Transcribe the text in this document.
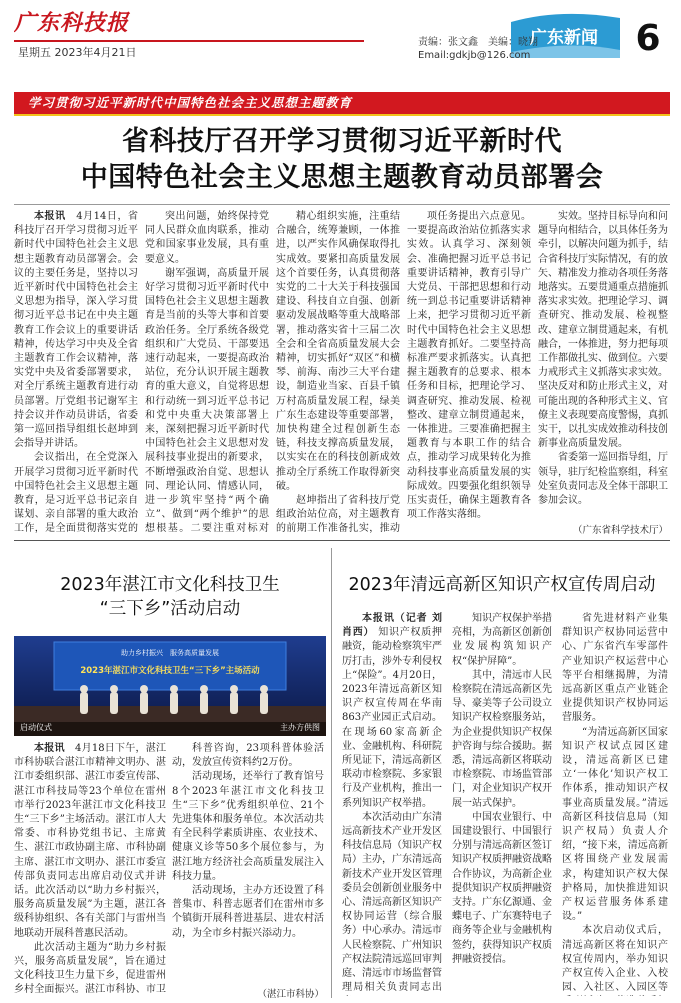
广东科技报
星期五 2023年4月21日
责编：张文鑫　美编：晓翔
Email:gdkjb@126.com
广东新闻	6
学习贯彻习近平新时代中国特色社会主义思想主题教育
省科技厅召开学习贯彻习近平新时代
中国特色社会主义思想主题教育动员部署会

本报讯　 4月14日，省科技厅召开学习贯彻习近平新时代中国特色社会主义思想主题教育动员部署会。会议的主要任务是，坚持以习近平新时代中国特色社会主义思想为指导，深入学习贯彻习近平总书记在中央主题教育工作会议上的重要讲话精神，传达学习中央及全省主题教育工作会议精神，落实党中央及省委部署要求，对全厅系统主题教育进行动员部署。厅党组书记谢军主持会议并作动员讲话，省委第一巡回指导组组长赵坤到会指导并讲话。

会议指出，在全党深入开展学习贯彻习近平新时代中国特色社会主义思想主题教育，是习近平总书记亲自谋划、亲自部署的重大政治工作，是全面贯彻落实党的

突出问题，始终保持党同人民群众血肉联系，推动党和国家事业发展，具有重要意义。

谢军强调，高质量开展好学习贯彻习近平新时代中国特色社会主义思想主题教育是当前的头等大事和首要政治任务。全厅系统各级党组织和广大党员、干部要迅速行动起来，一要提高政治站位，充分认识开展主题教育的重大意义，自觉将思想和行动统一到习近平总书记和党中央重大决策部署上来，深刻把握习近平新时代中国特色社会主义思想对发展科技事业提出的新要求，不断增强政治自觉、思想认同、理论认同、情感认同，进一步筑牢坚持“两个确立”、做到“两个维护”的思想根基。二要注重对标对

精心组织实施，注重结合融合，统筹兼顾，一体推进，以严实作风确保取得扎实成效。要紧扣高质量发展这个首要任务，认真贯彻落实党的二十大关于科技强国建设、科技自立自强、创新驱动发展战略等重大战略部署，推动落实省十三届二次全会和全省高质量发展大会精神，切实抓好“双区”和横琴、前海、南沙三大平台建设，制造业当家、百县千镇万村高质量发展工程，绿美广东生态建设等重要部署，加快构建全过程创新生态链，科技支撑高质量发展，以实实在在的科技创新成效推动全厅系统工作取得新突破。

赵坤指出了省科技厅党组政治站位高，对主题教育的前期工作准备扎实，推动

项任务提出六点意见。一要提高政治站位抓落实求实效。认真学习、深刻领会、准确把握习近平总书记重要讲话精神，教育引导广大党员、干部把思想和行动统一到总书记重要讲话精神上来，把学习贯彻习近平新时代中国特色社会主义思想主题教育抓好。二要坚持高标准严要求抓落实。认真把握主题教育的总要求、根本任务和目标，把理论学习、调查研究、推动发展、检视整改、建章立制贯通起来，一体推进。三要准确把握主题教育与本职工作的结合点，推动学习成果转化为推动科技事业高质量发展的实际成效。四要强化组织领导压实责任，确保主题教育各项工作落实落细。

实效。坚持目标导向和问题导向相结合，以具体任务为牵引，以解决问题为抓手，结合省科技厅实际情况，有的放矢、精准发力推动各项任务落地落实。五要贯通重点措施抓落实求实效。把理论学习、调查研究、推动发展、检视整改、建章立制贯通起来，有机融合，一体推进，努力把每项工作都做扎实、做到位。六要力戒形式主义抓落实求实效。坚决反对和防止形式主义，对可能出现的各种形式主义、官僚主义表现要高度警惕，真抓实干，以扎实成效推动科技创新事业高质量发展。

省委第一巡回指导组，厅领导，驻厅纪检监察组，科室处室负责同志及全体干部职工参加会议。

（广东省科学技术厅）
2023年湛江市文化科技卫生
“三下乡”活动启动
助力乡村振兴　服务高质量发展
2023年湛江市文化科技卫生“三下乡”主场活动
启动仪式	主办方供图

本报讯　 4月18日下午，湛江市科协联合湛江市精神文明办、湛江市委组织部、湛江市委宣传部、湛江市科技局等23个单位在雷州市举行2023年湛江市文化科技卫生“三下乡”主场活动。湛江市人大常委、市科协党组书记、主席黄生、湛江市政协副主席、市科协副主席、湛江市文明办、湛江市委宣传部负责同志出席启动仪式并讲话。此次活动以“助力乡村振兴，服务高质量发展”为主题，湛江各级科协组织、各有关部门与雷州当地联动开展科普惠民活动。

此次活动主题为“助力乡村振兴，服务高质量发展”，旨在通过文化科技卫生力量下乡，促进雷州乡村全面振兴。湛江市科协、市卫

科普咨询，23项科普体验活动，发放宣传资料约2万份。

活动现场，还举行了教育馆号8个2023年湛江市文化科技卫生“三下乡”优秀组织单位、21个先进集体和服务单位。本次活动共有全民科学素质讲座、农业技术、健康义诊等50多个展位参与，为湛江地方经济社会高质量发展注入科技力量。

活动现场，主办方还设置了科普集市、科普志愿者们在雷州市多个镇街开展科普进基层、进农村活动，为全市乡村振兴添动力。

（湛江市科协）
2023年清远高新区知识产权宣传周启动

本报讯（记者 刘肖西） 知识产权质押融资，能动检察筑牢严厉打击，涉外专利侵权上“保险”。4月20日，2023年清远高新区知识产权宣传周在华南863产业园正式启动。在现场60家高新企业、金融机构、科研院所见证下，清远高新区联动市检察院、多家银行及产业机构，推出一系列知识产权举措。

本次活动由广东清远高新技术产业开发区科技信息局（知识产权局）主办，广东清远高新技术产业开发区管理委员会创新创业服务中心、清远高新区知识产权协同运营（综合服务）中心承办。清远市人民检察院、广州知识产权法院清远巡回审判庭、清远市市场监督管理局相关负责同志出

知识产权保护举措亮相，为高新区创新创业发展构筑知识产权“保护屏障”。

其中，清远市人民检察院在清远高新区先导、豪美等子公司设立知识产权检察服务站，为企业提供知识产权保护咨询与综合援助。据悉，清远高新区将联动市检察院、市场监管部门，对企业知识产权开展一站式保护。

中国农业银行、中国建设银行、中国银行分别与清远高新区签订知识产权质押融资战略合作协议，为高新企业提供知识产权质押融资支持。广东亿源通、金蝶电子、广东赛特电子商务等企业与金融机构签约，获得知识产权质押融资授信。

省先进材料产业集群知识产权协同运营中心、广东省汽车零部件产业知识产权运营中心等平台相继揭牌，为清远高新区重点产业链企业提供知识产权协同运营服务。

“为清远高新区国家知识产权试点园区建设，清远高新区已建立‘一体化’知识产权工作体系，推动知识产权事业高质量发展。”清远高新区科技信息局（知识产权局）负责人介绍，“接下来，清远高新区将围绕产业发展需求，构建知识产权大保护格局，加快推进知识产权运营服务体系建设。”

本次启动仪式后，清远高新区将在知识产权宣传周内，举办知识产权宣传入企业、入校园、入社区、入园区等
